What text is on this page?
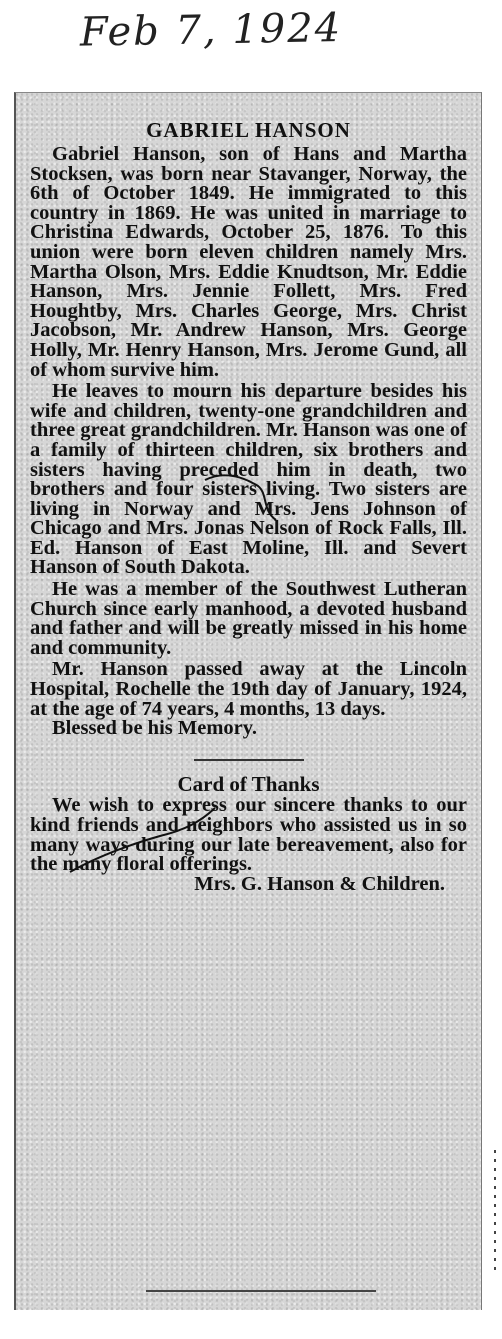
Feb 7, 1924
GABRIEL HANSON

Gabriel Hanson, son of Hans and Martha Stocksen, was born near Stavanger, Norway, the 6th of October 1849. He immigrated to this country in 1869. He was united in marriage to Christina Edwards, October 25, 1876. To this union were born eleven children namely Mrs. Martha Olson, Mrs. Eddie Knudtson, Mr. Eddie Hanson, Mrs. Jennie Follett, Mrs. Fred Houghtby, Mrs. Charles George, Mrs. Christ Jacobson, Mr. Andrew Hanson, Mrs. George Holly, Mr. Henry Hanson, Mrs. Jerome Gund, all of whom survive him.

He leaves to mourn his departure besides his wife and children, twenty-one grandchildren and three great grandchildren. Mr. Hanson was one of a family of thirteen children, six brothers and sisters having preceded him in death, two brothers and four sisters living. Two sisters are living in Norway and Mrs. Jens Johnson of Chicago and Mrs. Jonas Nelson of Rock Falls, Ill. Ed. Hanson of East Moline, Ill. and Severt Hanson of South Dakota.

He was a member of the Southwest Lutheran Church since early manhood, a devoted husband and father and will be greatly missed in his home and community.

Mr. Hanson passed away at the Lincoln Hospital, Rochelle the 19th day of January, 1924, at the age of 74 years, 4 months, 13 days.

Blessed be his Memory.

Card of Thanks

We wish to express our sincere thanks to our kind friends and neighbors who assisted us in so many ways during our late bereavement, also for the many floral offerings.

Mrs. G. Hanson & Children.
